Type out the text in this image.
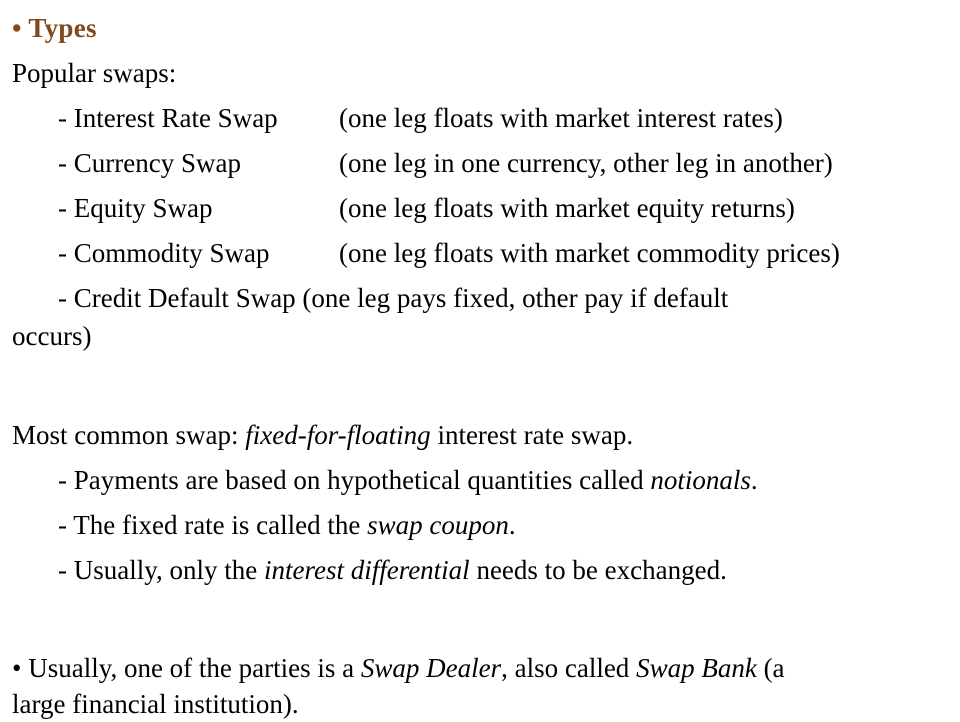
• Types
Popular swaps:
- Interest Rate Swap (one leg floats with market interest rates)
- Currency Swap	(one leg in one currency, other leg in another)
- Equity Swap	(one leg floats with market equity returns)
- Commodity Swap	(one leg floats with market commodity prices)
- Credit Default Swap (one leg pays fixed, other pay if default
occurs)
Most common swap: fixed-for-floating interest rate swap.
- Payments are based on hypothetical quantities called notionals.
- The fixed rate is called the swap coupon.
- Usually, only the interest differential needs to be exchanged.
• Usually, one of the parties is a Swap Dealer, also called Swap Bank (a
large financial institution).
